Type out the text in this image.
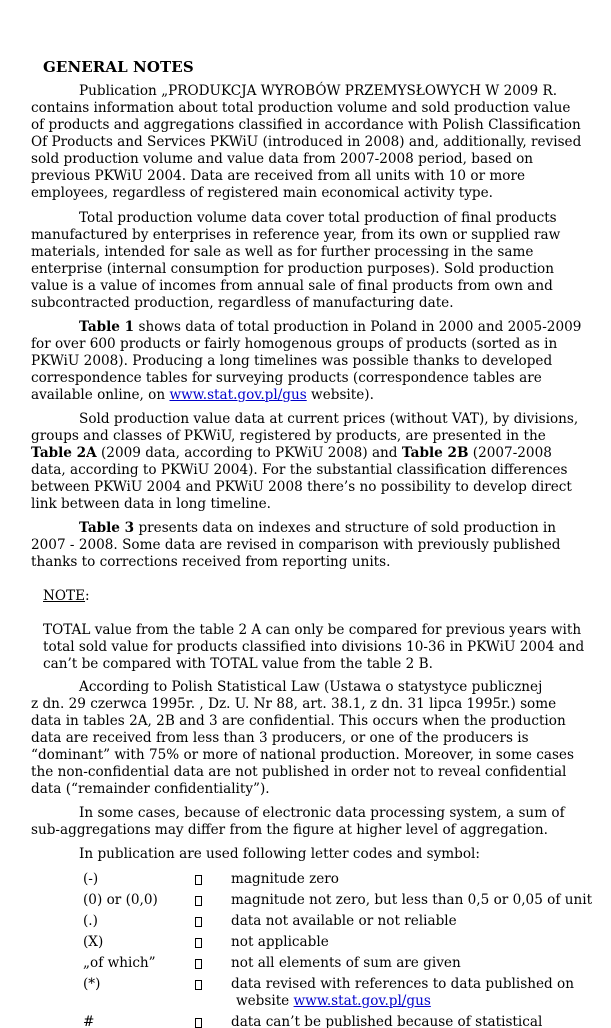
GENERAL NOTES

Publication „PRODUKCJA WYROBÓW PRZEMYSŁOWYCH W 2009 R.
contains information about total production volume and sold production value
of products and aggregations classified in accordance with Polish Classification
Of Products and Services PKWiU (introduced in 2008) and, additionally, revised
sold production volume and value data from 2007-2008 period, based on
previous PKWiU 2004. Data are received from all units with 10 or more
employees, regardless of registered main economical activity type.

Total production volume data cover total production of final products
manufactured by enterprises in reference year, from its own or supplied raw
materials, intended for sale as well as for further processing in the same
enterprise (internal consumption for production purposes). Sold production
value is a value of incomes from annual sale of final products from own and
subcontracted production, regardless of manufacturing date.

Table 1 shows data of total production in Poland in 2000 and 2005-2009
for over 600 products or fairly homogenous groups of products (sorted as in
PKWiU 2008). Producing a long timelines was possible thanks to developed
correspondence tables for surveying products (correspondence tables are
available online, on www.stat.gov.pl/gus website).

Sold production value data at current prices (without VAT), by divisions,
groups and classes of PKWiU, registered by products, are presented in the
Table 2A (2009 data, according to PKWiU 2008) and Table 2B (2007-2008
data, according to PKWiU 2004). For the substantial classification differences
between PKWiU 2004 and PKWiU 2008 there’s no possibility to develop direct
link between data in long timeline.

Table 3 presents data on indexes and structure of sold production in
2007 - 2008. Some data are revised in comparison with previously published
thanks to corrections received from reporting units.

NOTE:

TOTAL value from the table 2 A can only be compared for previous years with
total sold value for products classified into divisions 10-36 in PKWiU 2004 and
can’t be compared with TOTAL value from the table 2 B.

According to Polish Statistical Law (Ustawa o statystyce publicznej
z dn. 29 czerwca 1995r. , Dz. U. Nr 88, art. 38.1, z dn. 31 lipca 1995r.) some
data in tables 2A, 2B and 3 are confidential. This occurs when the production
data are received from less than 3 producers, or one of the producers is
“dominant” with 75% or more of national production. Moreover, in some cases
the non-confidential data are not published in order not to reveal confidential
data (“remainder confidentiality”).

In some cases, because of electronic data processing system, a sum of
sub-aggregations may differ from the figure at higher level of aggregation.

In publication are used following letter codes and symbol:

(-)	magnitude zero
(0) or (0,0)	magnitude not zero, but less than 0,5 or 0,05 of unit
(.)	data not available or not reliable
(X)	not applicable
„of which”	not all elements of sum are given
(*)	data revised with references to data published on
website www.stat.gov.pl/gus
#	data can’t be published because of statistical
